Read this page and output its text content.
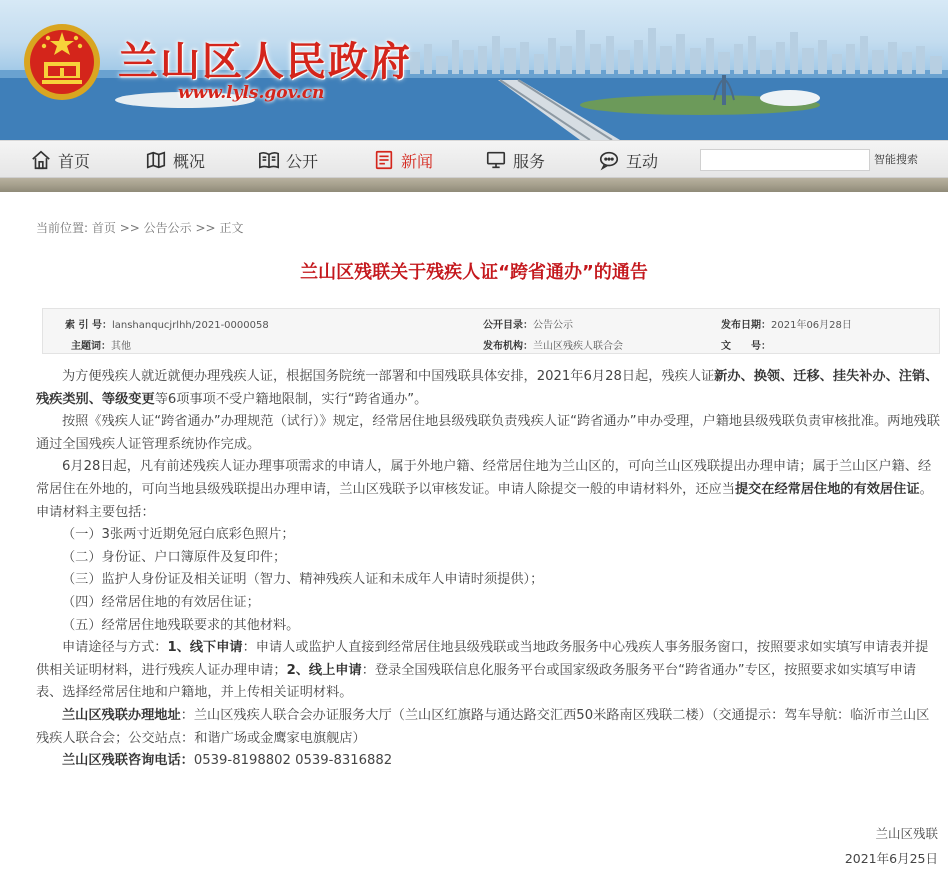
兰山区人民政府
www.lyls.gov.cn
首页	概况	公开	新闻	服务	互动	智能搜索
当前位置: 首页 >> 公告公示 >> 正文
兰山区残联关于残疾人证“跨省通办”的通告
索 引 号：lanshanqucjrlhh/2021-0000058	公开目录：公告公示	发布日期：2021年06月28日
主题词：其他	发布机构：兰山区残疾人联合会	文　　号：

为方便残疾人就近就便办理残疾人证，根据国务院统一部署和中国残联具体安排，2021年6月28日起，残疾人证新办、换领、迁移、挂失补办、注销、残疾类别、等级变更等6项事项不受户籍地限制，实行“跨省通办”。

按照《残疾人证“跨省通办”办理规范（试行）》规定，经常居住地县级残联负责残疾人证“跨省通办”申办受理，户籍地县级残联负责审核批准。两地残联通过全国残疾人证管理系统协作完成。

6月28日起，凡有前述残疾人证办理事项需求的申请人，属于外地户籍、经常居住地为兰山区的，可向兰山区残联提出办理申请；属于兰山区户籍、经常居住在外地的，可向当地县级残联提出办理申请，兰山区残联予以审核发证。申请人除提交一般的申请材料外，还应当提交在经常居住地的有效居住证。申请材料主要包括：

（一）3张两寸近期免冠白底彩色照片；

（二）身份证、户口簿原件及复印件；

（三）监护人身份证及相关证明（智力、精神残疾人证和未成年人申请时须提供）；

（四）经常居住地的有效居住证；

（五）经常居住地残联要求的其他材料。

申请途径与方式：1、线下申请：申请人或监护人直接到经常居住地县级残联或当地政务服务中心残疾人事务服务窗口，按照要求如实填写申请表并提供相关证明材料，进行残疾人证办理申请；2、线上申请：登录全国残联信息化服务平台或国家级政务服务平台“跨省通办”专区，按照要求如实填写申请表、选择经常居住地和户籍地，并上传相关证明材料。

兰山区残联办理地址：兰山区残疾人联合会办证服务大厅（兰山区红旗路与通达路交汇西50米路南区残联二楼）（交通提示：驾车导航：临沂市兰山区残疾人联合会；公交站点：和谐广场或金鹰家电旗舰店）

兰山区残联咨询电话：0539-8198802 0539-8316882

兰山区残联
2021年6月25日
